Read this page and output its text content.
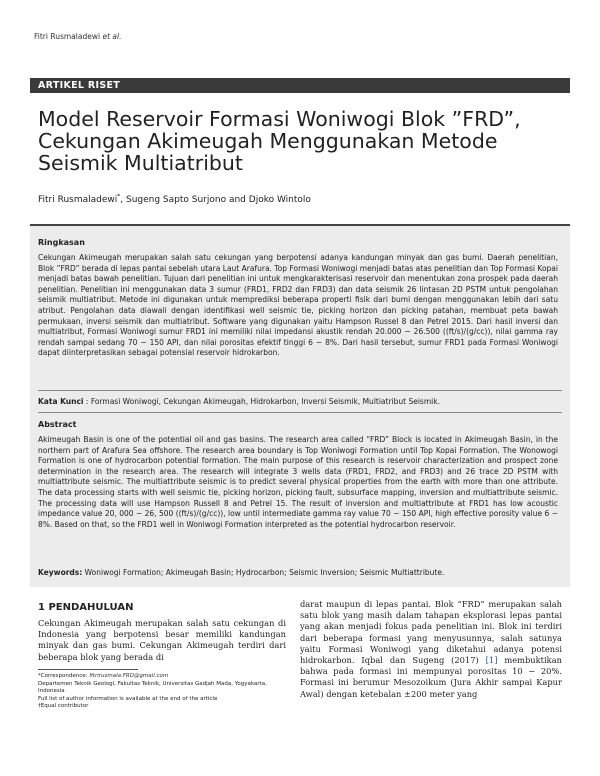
Fitri Rusmaladewi et al.
ARTIKEL RISET
Model Reservoir Formasi Woniwogi Blok ”FRD”, Cekungan Akimeugah Menggunakan Metode Seismik Multiatribut
Fitri Rusmaladewi*, Sugeng Sapto Surjono and Djoko Wintolo
Ringkasan
Cekungan Akimeugah merupakan salah satu cekungan yang berpotensi adanya kandungan minyak dan gas bumi. Daerah penelitian, Blok ”FRD” berada di lepas pantai sebelah utara Laut Arafura. Top Formasi Woniwogi menjadi batas atas penelitian dan Top Formasi Kopai menjadi batas bawah penelitian. Tujuan dari penelitian ini untuk mengkarakterisasi reservoir dan menentukan zona prospek pada daerah penelitian. Penelitian ini menggunakan data 3 sumur (FRD1, FRD2 dan FRD3) dan data seismik 26 lintasan 2D PSTM untuk pengolahan seismik multiatribut. Metode ini digunakan untuk memprediksi beberapa properti fisik dari bumi dengan menggunakan lebih dari satu atribut. Pengolahan data diawali dengan identifikasi well seismic tie, picking horizon dan picking patahan, membuat peta bawah permukaan, inversi seismik dan multiatribut. Software yang digunakan yaitu Hampson Russel 8 dan Petrel 2015. Dari hasil inversi dan multiatribut, Formasi Woniwogi sumur FRD1 ini memiliki nilai impedansi akustik rendah 20.000 − 26.500 ((ft/s)/(g/cc)), nilai gamma ray rendah sampai sedang 70 − 150 API, dan nilai porositas efektif tinggi 6 − 8%. Dari hasil tersebut, sumur FRD1 pada Formasi Woniwogi dapat diinterpretasikan sebagai potensial reservoir hidrokarbon.
Kata Kunci : Formasi Woniwogi, Cekungan Akimeugah, Hidrokarbon, Inversi Seismik, Multiatribut Seismik.
Abstract
Akimeugah Basin is one of the potential oil and gas basins. The research area called “FRD” Block is located in Akimeugah Basin, in the northern part of Arafura Sea offshore. The research area boundary is Top Woniwogi Formation until Top Kopai Formation. The Wonowogi Formation is one of hydrocarbon potential formation. The main purpose of this research is reservoir characterization and prospect zone determination in the research area. The research will integrate 3 wells data (FRD1, FRD2, and FRD3) and 26 trace 2D PSTM with multiattribute seismic. The multiattribute seismic is to predict several physical properties from the earth with more than one attribute. The data processing starts with well seismic tie, picking horizon, picking fault, subsurface mapping, inversion and multiattribute seismic. The processing data will use Hampson Russell 8 and Petrel 15. The result of inversion and multiattribute at FRD1 has low acoustic impedance value 20, 000 − 26, 500 ((ft/s)/(g/cc)), low until intermediate gamma ray value 70 − 150 API, high effective porosity value 6 − 8%. Based on that, so the FRD1 well in Woniwogi Formation interpreted as the potential hydrocarbon reservoir.
Keywords: Woniwogi Formation; Akimeugah Basin; Hydrocarbon; Seismic Inversion; Seismic Multiattribute.
1 PENDAHULUAN
Cekungan Akimeugah merupakan salah satu cekungan di Indonesia yang berpotensi besar memiliki kandungan minyak dan gas bumi. Cekungan Akimeugah terdiri dari beberapa blok yang berada di
darat maupun di lepas pantai. Blok “FRD” merupakan salah satu blok yang masih dalam tahapan eksplorasi lepas pantai yang akan menjadi fokus pada penelitian ini. Blok ini terdiri dari beberapa formasi yang menyusunnya, salah satunya yaitu Formasi Woniwogi yang diketahui adanya potensi hidrokarbon. Iqbal dan Sugeng (2017) [1] membuktikan bahwa pada formasi ini mempunyai porositas 10 − 20%. Formasi ini berumur Mesozoikum (Jura Akhir sampai Kapur Awal) dengan ketebalan ±200 meter yang
*Correspondence: fitrirusmala.FRD@gmail.com
Departemen Teknik Geologi, Fakultas Teknik, Universitas Gadjah Mada, Yogyakarta, Indonesia
Full list of author information is available at the end of the article
†Equal contributor
